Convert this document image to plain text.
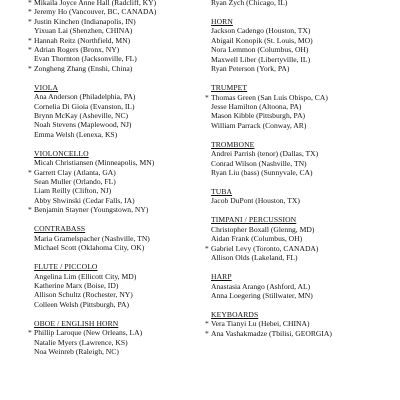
* Mikaila Joyce Anne Hall (Radcliff, KY)
* Jeremy Ho (Vancouver, BC, CANADA)
* Justin Kinchen (Indianapolis, IN)
Yixuan Lai (Shenzhen, CHINA)
* Hannah Reitz (Northfield, MN)
* Adrian Rogers (Bronx, NY)
Evan Thornton (Jacksonville, FL)
* Zongheng Zhang (Enshi, China)
VIOLA
Ana Anderson (Philadelphia, PA)
Cornelia Di Gioia (Evanston, IL)
Brynn McKay (Asheville, NC)
Noah Stevens (Maplewood, NJ)
Emma Welsh (Lenexa, KS)
VIOLONCELLO
Micah Christiansen (Minneapolis, MN)
* Garrett Clay (Atlanta, GA)
Sean Muller (Orlando, FL)
Liam Reilly (Clifton, NJ)
Abby Shwinski (Cedar Falls, IA)
* Benjamin Stayner (Youngstown, NY)
CONTRABASS
Maria Gramelspacher (Nashville, TN)
Michael Scott (Oklahoma City, OK)
FLUTE / PICCOLO
Angelina Lim (Ellicott City, MD)
Katherine Marx (Boise, ID)
Allison Schultz (Rochester, NY)
Colleen Welsh (Pittsburgh, PA)
OBOE / ENGLISH HORN
* Phillip Laroque (New Orleans, LA)
Natalie Myers (Lawrence, KS)
Noa Weinreb (Raleigh, NC)
Ryan Zych (Chicago, IL)
HORN
Jackson Cadengo (Houston, TX)
Abigail Konopik (St. Louis, MO)
Nora Lemmon (Columbus, OH)
Maxwell Liber (Libertyville, IL)
Ryan Peterson (York, PA)
TRUMPET
* Thomas Green (San Luis Obispo, CA)
Jesse Hamilton (Altoona, PA)
Mason Kibble (Pittsburgh, PA)
William Parrack (Conway, AR)
TROMBONE
Andrei Parrish (tenor) (Dallas, TX)
Conrad Wilson (Nashville, TN)
Ryan Liu (bass) (Sunnyvale, CA)
TUBA
Jacob DuPont (Houston, TX)
TIMPANI / PERCUSSION
Christopher Boxall (Glenng, MD)
Aidan Frank (Columbus, OH)
* Gabriel Levy (Toronto, CANADA)
Allison Olds (Lakeland, FL)
HARP
Anastasia Arango (Ashford, AL)
Anna Loegering (Stillwater, MN)
KEYBOARDS
* Vera Tianyi Lu (Hebei, CHINA)
* Ana Vashakmadze (Tbilisi, GEORGIA)
